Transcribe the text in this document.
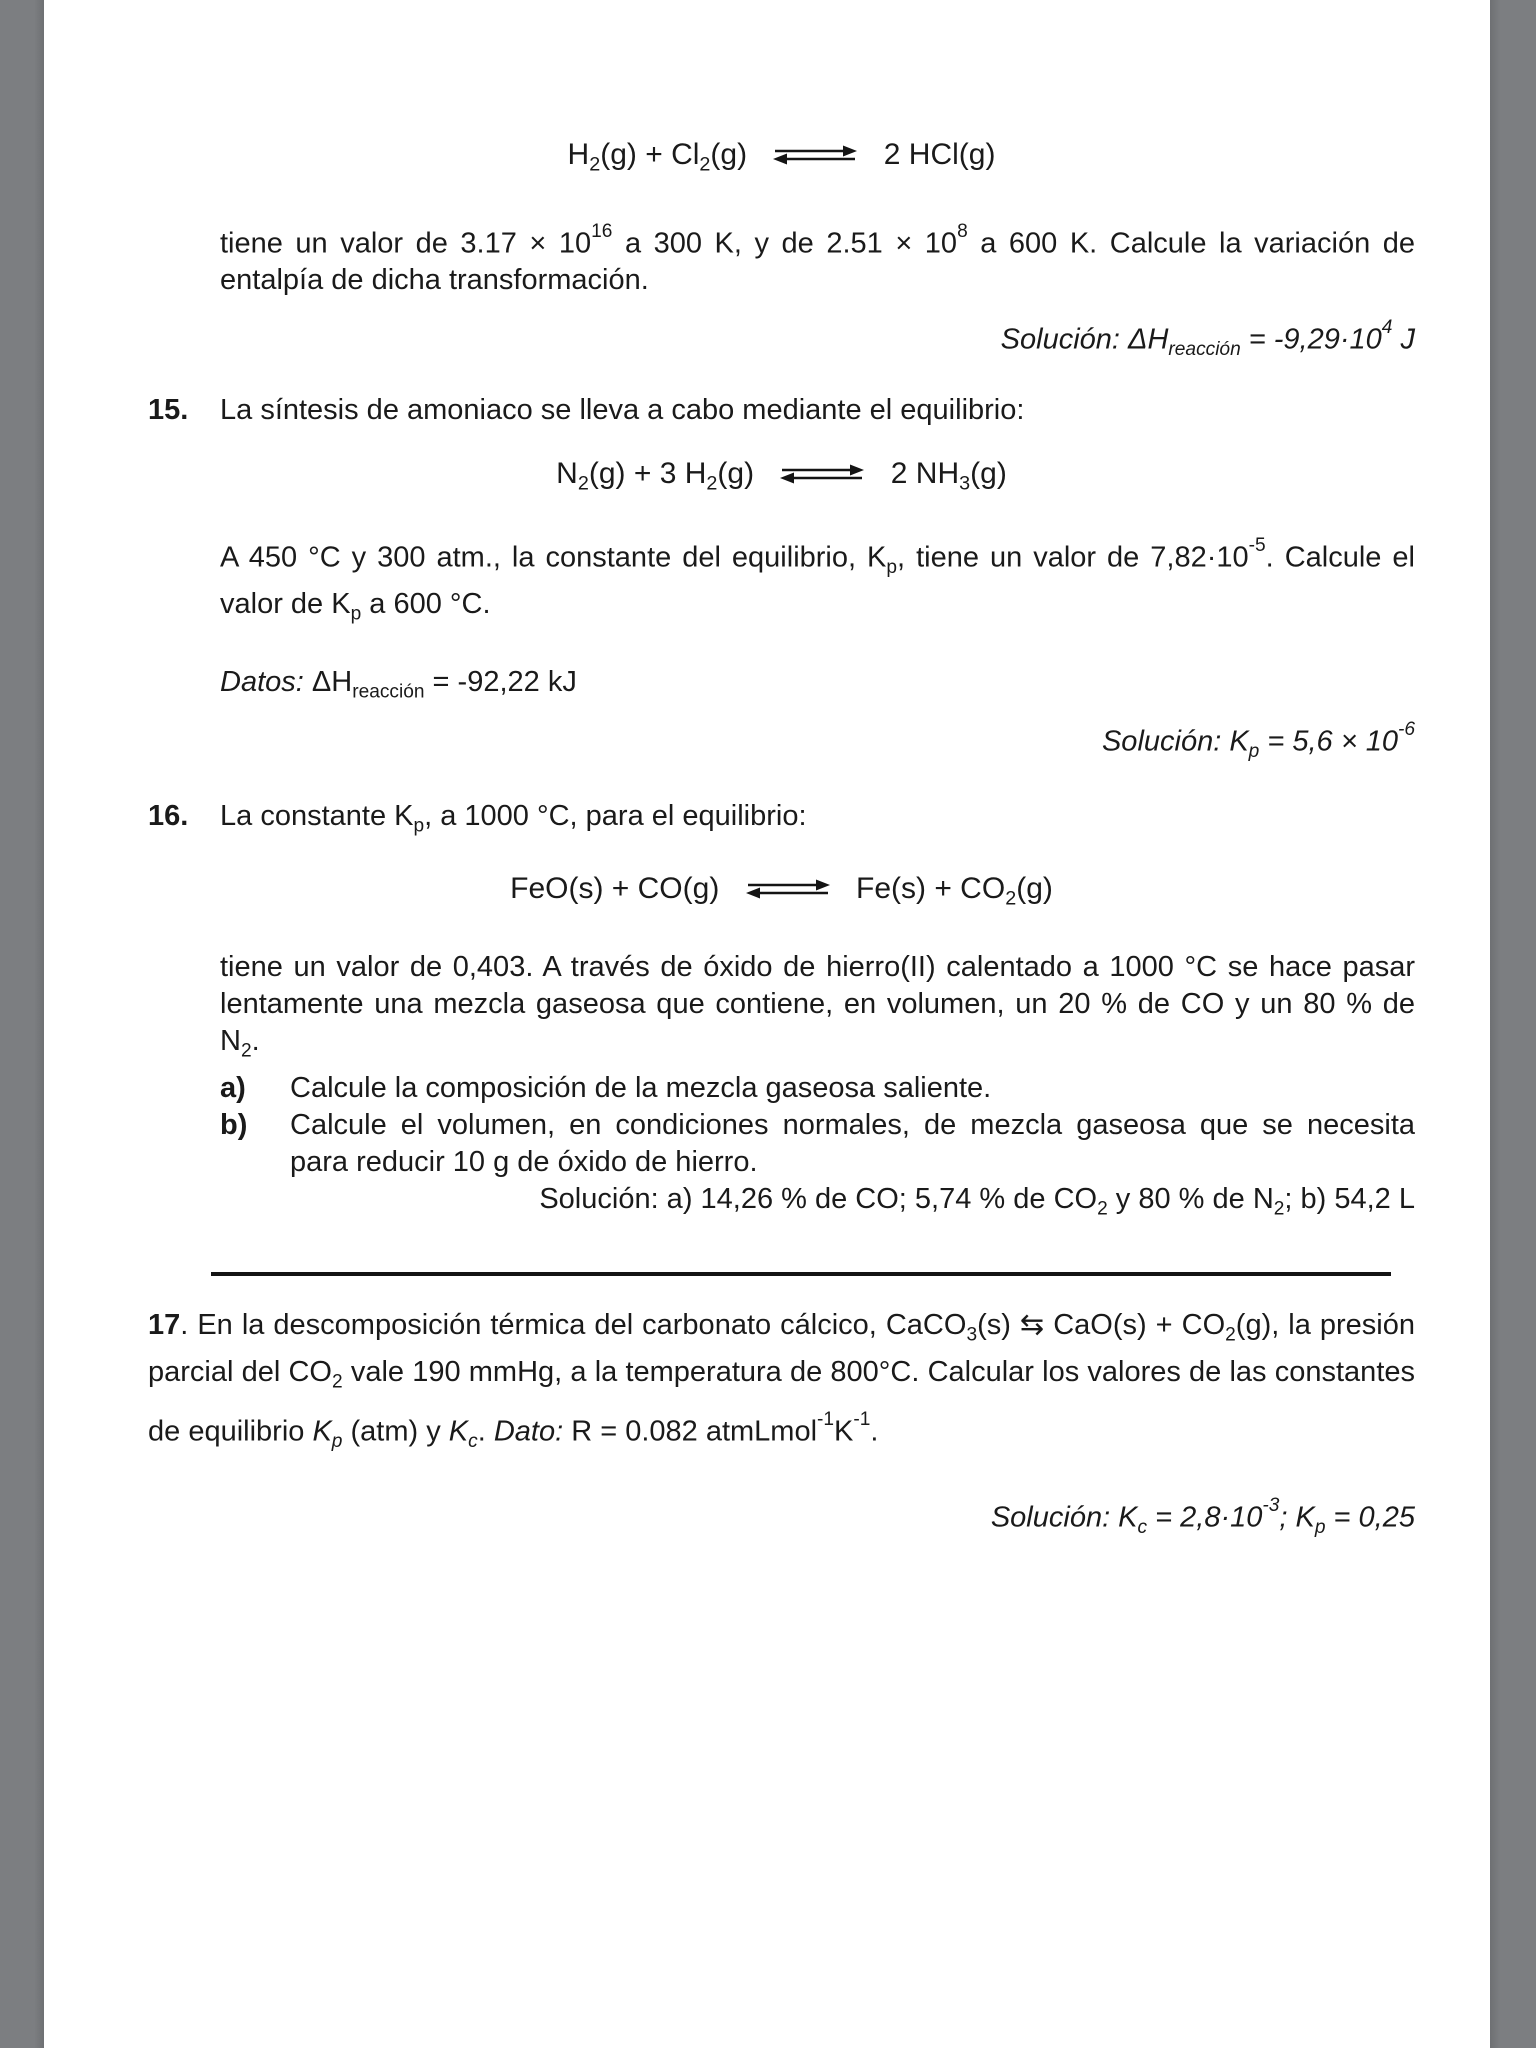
$H_2(g) + Cl_2(g)$ ⇌ 2 HCl(g)
tiene un valor de $3.17 \times 10^{16}$ a 300 K, y de $2.51 \times 10^8$ a 600 K. Calcule la variación de entalpía de dicha transformación.
Solución: $\Delta H_{reacción} = -9,29\cdot 10^4$ J
15.	La síntesis de amoniaco se lleva a cabo mediante el equilibrio:
$N_2(g) + 3$ $H_2(g)$ ⇌ 2 $NH_3(g)$
A 450 °C y 300 atm., la constante del equilibrio, $K_p$, tiene un valor de $7,82\cdot 10^{-5}$. Calcule el valor de $K_p$ a 600 °C.
Datos: $\Delta H_{reacción} = -92,22$ kJ
Solución: $K_p = 5,6 \times 10^{-6}$
16.	La constante $K_p$, a 1000 °C, para el equilibrio:
FeO(s) + CO(g) ⇌ $Fe(s) + CO_2(g)$
tiene un valor de 0,403. A través de óxido de hierro(II) calentado a 1000 °C se hace pasar lentamente una mezcla gaseosa que contiene, en volumen, un 20 % de CO y un 80 % de $N_2$.
a)	Calcule la composición de la mezcla gaseosa saliente.
b)	Calcule el volumen, en condiciones normales, de mezcla gaseosa que se necesita para reducir 10 g de óxido de hierro.
Solución: a) 14,26 % de CO; 5,74 % de $CO_2$ y 80 % de $N_2$; b) 54,2 L
17. En la descomposición térmica del carbonato cálcico, CaCO$_3$(s) ⇆ $CaO(s) + CO_2(g)$, la presión parcial del $CO_2$ vale 190 mmHg, a la temperatura de 800°C. Calcular los valores de las constantes de equilibrio $K_p$ (atm) y $K_c$. Dato: R = 0.082 $atmLmol^{-1}K^{-1}$.
Solución: $K_c = 2,8\cdot 10^{-3}$; $K_p = 0,25$
